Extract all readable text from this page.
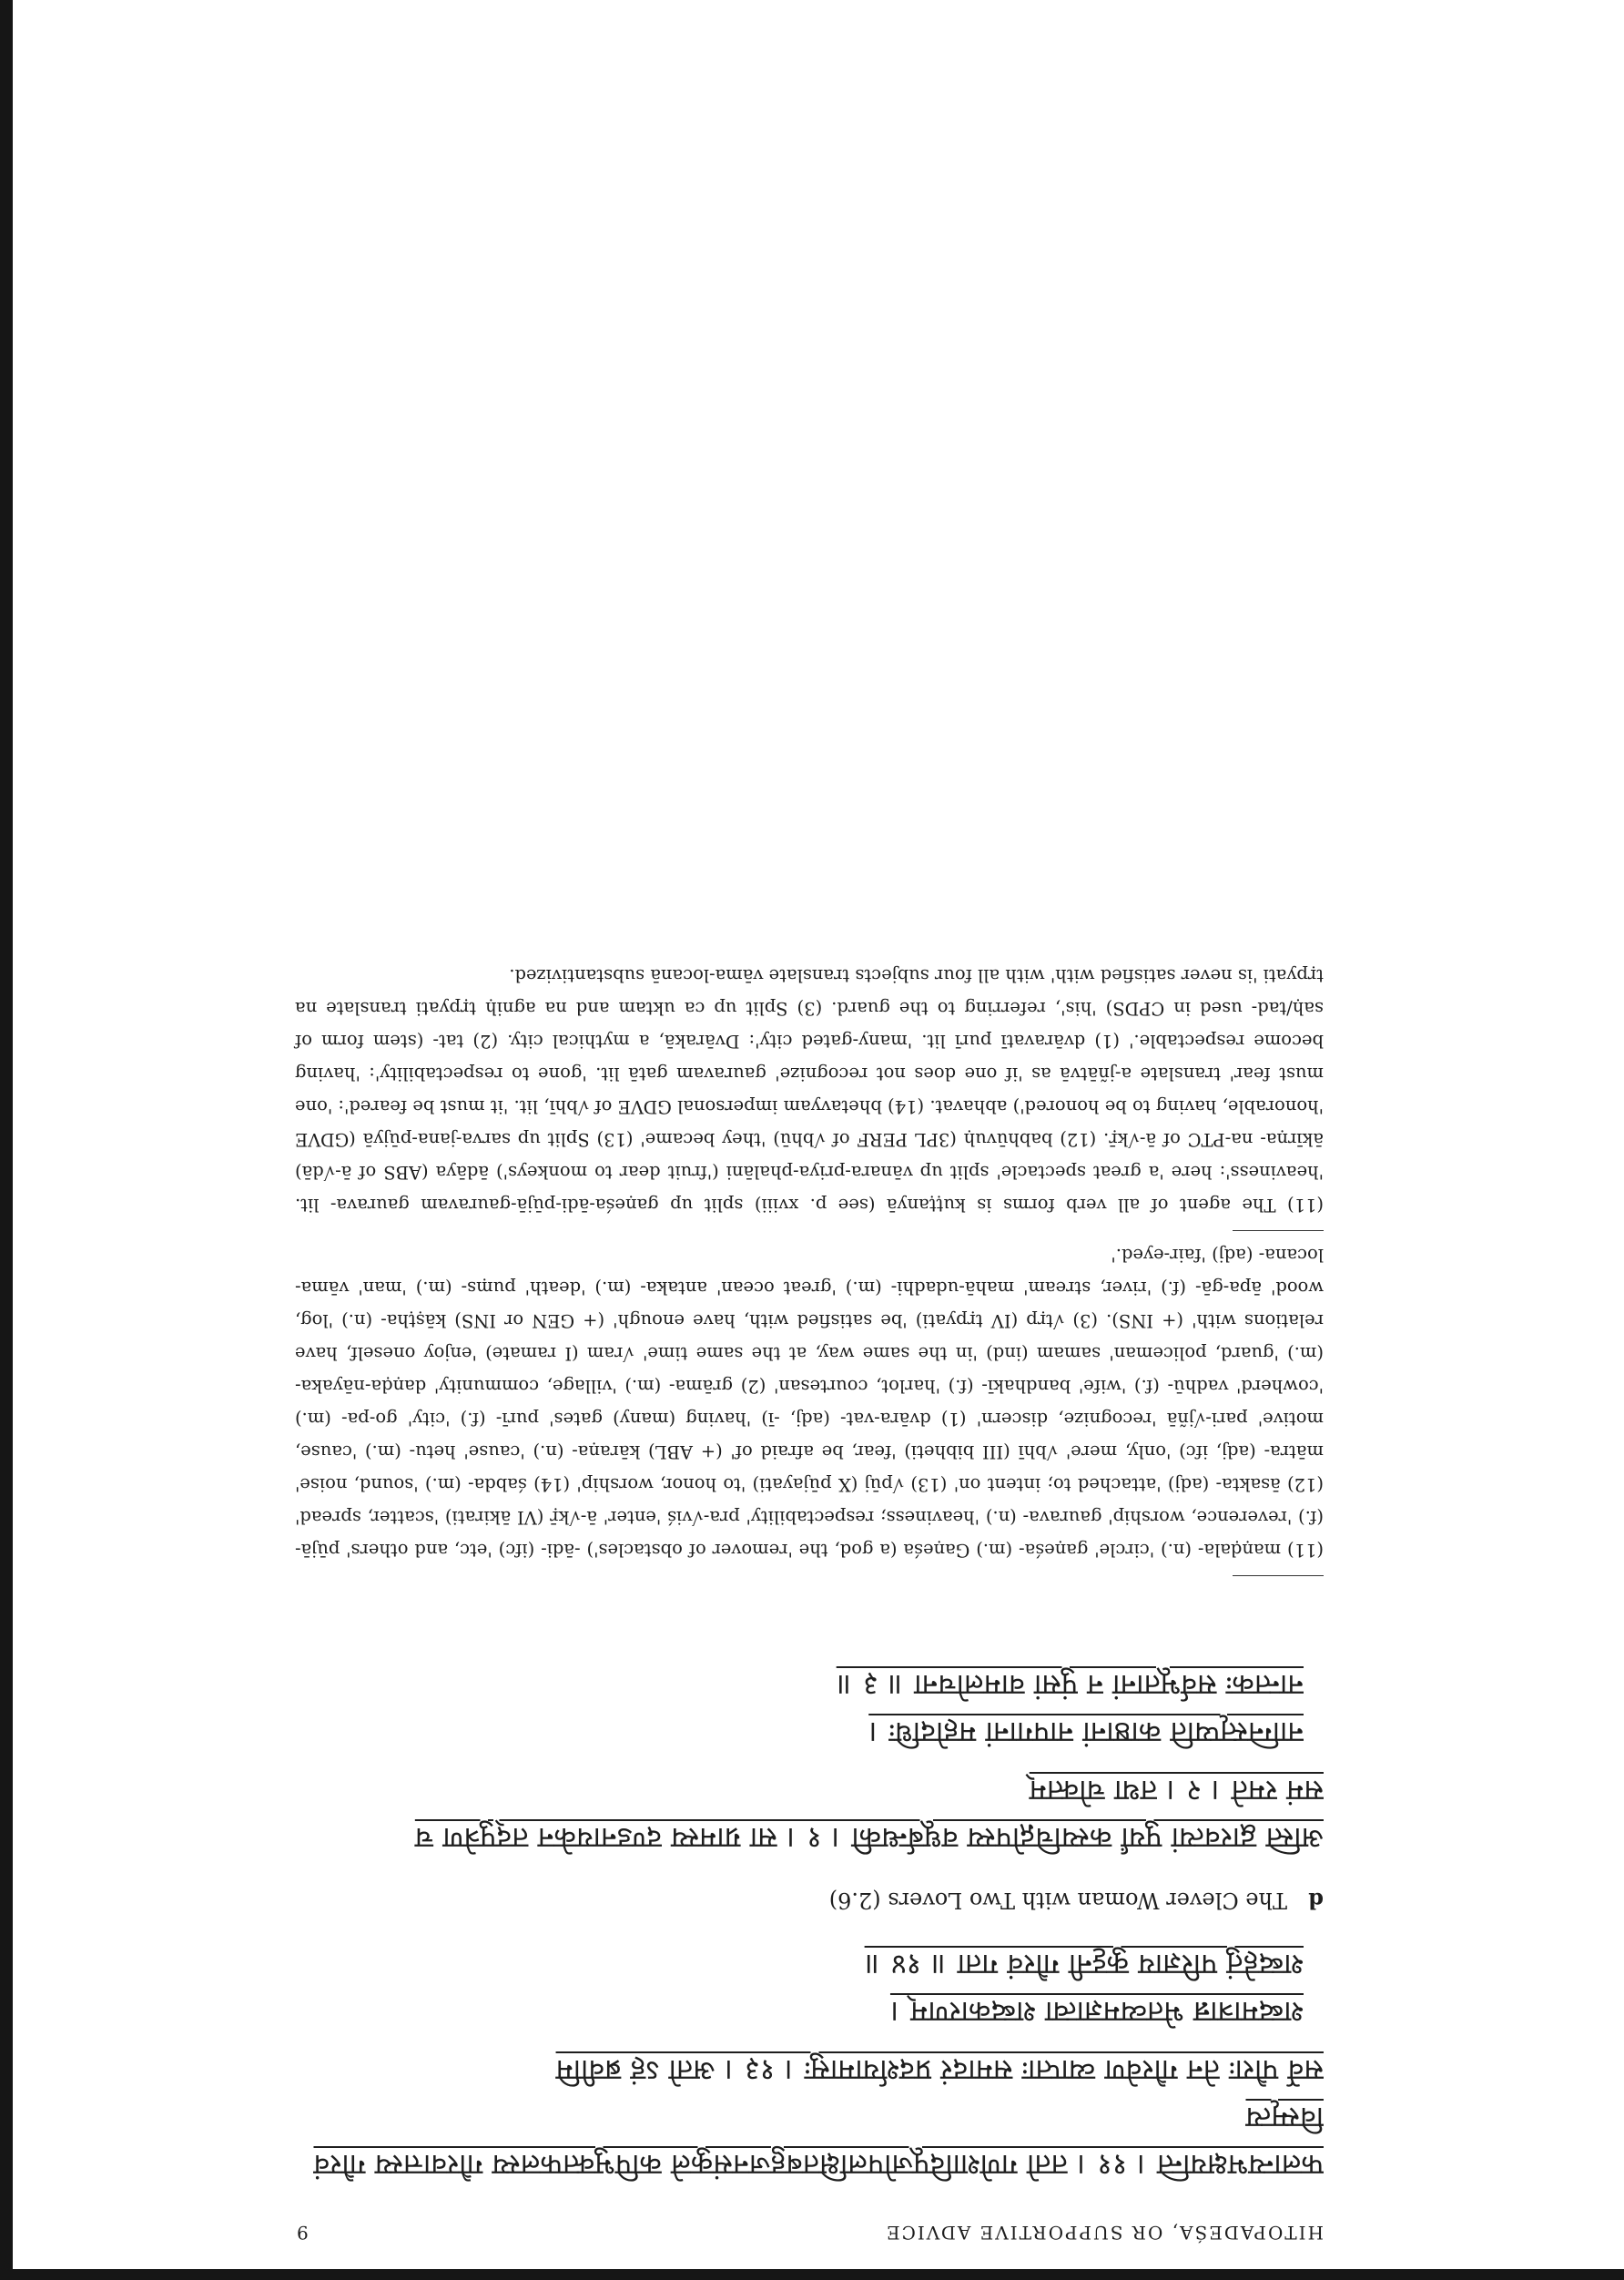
HITOPADEŚA, OR SUPPORTIVE ADVICE
9

फलान्यभक्षयन्ति । ११ । ततो गणेशादिपूजोपलक्षितबहुजनसंकुले कपिभुक्तफलस्य गौरवात्तस्य गौरवं विस्मृत्य

सर्वे पौराः तेन गौरवेण व्याप्ताः समादरं प्रदर्शयामासुः । १३ । अतो ऽहं ब्रवीमि

शब्दमात्रान्न भेतव्यमज्ञात्वा शब्दकारणम् ।

शब्दहेतुं परिज्ञाय कुट्टनी गौरवं गता ॥ १४ ॥

d
The Clever Woman with Two Lovers (2.6)

अस्ति द्वारवत्यां पुर्यां कस्यचिद्गोपस्य वधूर्बन्धकी । १ । सा ग्रामस्य दण्डनायकेन तद्पुत्रेण च

समं रमते । २ । तथा चोक्तम्

नाग्निस्तृप्यति काष्ठानां नापगानां महोदधिः ।

नान्तकः सर्वभूतानां न पुंसां वामलोचना ॥ ३ ॥

(11) maṇḍala- (n.) 'circle' gaṇeśa- (m.) Gaṇeśa (a god, the 'remover of obstacles') -ādi- (ifc) 'etc, and others' pūjā- (f.) 'reverence, worship' gaurava- (n.) 'heaviness; respectability' pra-√viś 'enter' ā-√kṝ (VI ākirati) 'scatter, spread' (12) āsakta- (adj) 'attached to; intent on' (13) √pūj (X pūjayati) 'to honor, worship' (14) śabda- (m.) 'sound, noise' mātra- (adj, ifc) 'only, mere' √bhī (III bibheti) 'fear, be afraid of' (+ ABL) kāraṇa- (n.) 'cause' hetu- (m.) 'cause, motive' pari-√jñā 'recognize, discern' (1) dvāra-vat- (adj, -ī) 'having (many) gates' purī- (f.) 'city' go-pa- (m.) 'cowherd' vadhū- (f.) 'wife' bandhakī- (f.) 'harlot, courtesan' (2) grāma- (m.) 'village, community' daṇḍa-nāyaka- (m.) 'guard, policeman' samam (ind) 'in the same way, at the same time' √ram (I ramate) 'enjoy oneself, have relations with' (+ INS). (3) √tṛp (IV tṛpyati) 'be satisfied with, have enough' (+ GEN or INS) kāṣṭha- (n.) 'log, wood' āpa-gā- (f.) 'river, stream' mahā-udadhi- (m.) 'great ocean' antaka- (m.) 'death' puṃs- (m.) 'man' vāma-locana- (adj) 'fair-eyed.'

(11) The agent of all verb forms is kuṭṭanyā (see p. xviii) split up gaṇeśa-ādi-pūjā-gauravam gaurava- lit. 'heaviness': here 'a great spectacle' split up vānara-priya-phalāni ('fruit dear to monkeys') ādāya (ABS of ā-√dā) ākīrṇa- na-PTC of ā-√kṝ. (12) babhūvuḥ (3PL PERF of √bhū) 'they became' (13) Split up sarva-jana-pūjyā (GDVE 'honorable, having to be honored') abhavat. (14) bhetavyam impersonal GDVE of √bhī, lit. 'it must be feared': 'one must fear' translate a-jñātvā as 'if one does not recognize' gauravam gatā lit. 'gone to respectability': 'having become respectable.' (1) dvāravatī purī lit. 'many-gated city': Dvārakā, a mythical city. (2) tat- (stem form of saḥ/tad- used in CPDS) 'his', referring to the guard. (3) Split up ca uktam and na agniḥ tṛpyati translate na tṛpyati 'is never satisfied with' with all four subjects translate vāma-locanā substantivized.
